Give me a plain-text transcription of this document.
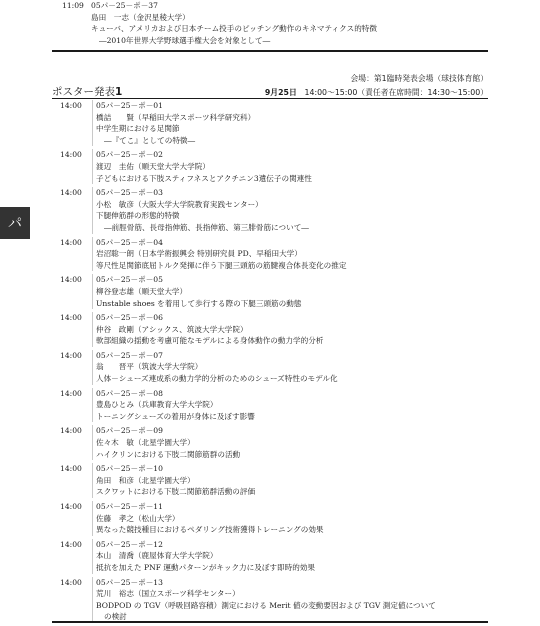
11:09 05パ－25－ポ－37
島田　一志（金沢星稜大学）
キューバ、アメリカおよび日本チーム投手のピッチング動作のキネマティクス的特徴
―2010年世界大学野球選手権大会を対象として―
会場：第1臨時発表会場（球技体育館）
ポスター発表1	9月25日　 14:00～15:00（責任者在席時間：14:30～15:00）
パ
14:00	05パ－25－ポ－01
橋詰　　賢（早稲田大学スポーツ科学研究科）
中学生期における足関節
―『てこ』としての特徴―
14:00	05パ－25－ポ－02
渡辺　圭佑（順天堂大学大学院）
子どもにおける下肢スティフネスとアクチニン3遺伝子の関連性
14:00	05パ－25－ポ－03
小松　敏彦（大阪大学大学院教育実践センター）
下腿伸筋群の形態的特徴
―前脛骨筋、長母指伸筋、長指伸筋、第三腓骨筋について―
14:00	05パ－25－ポ－04
岩沼聡一朗（日本学術振興会 特別研究員 PD、早稲田大学）
等尺性足関節底屈トルク発揮に伴う下腿三頭筋の筋腱複合体長変化の推定
14:00	05パ－25－ポ－05
柳谷登志雄（順天堂大学）
Unstable shoes を着用して歩行する際の下腿三頭筋の動態
14:00	05パ－25－ポ－06
仲谷　政剛（アシックス、筑波大学大学院）
軟部組織の揺動を考慮可能なモデルによる身体動作の動力学的分析
14:00	05パ－25－ポ－07
翁　　晋平（筑波大学大学院）
人体－シューズ連成系の動力学的分析のためのシューズ特性のモデル化
14:00	05パ－25－ポ－08
豊島ひとみ（兵庫教育大学大学院）
トーニングシューズの着用が身体に及ぼす影響
14:00	05パ－25－ポ－09
佐々木　敏（北星学園大学）
ハイクリンにおける下肢二関節筋群の活動
14:00	05パ－25－ポ－10
角田　和彦（北星学園大学）
スクワットにおける下肢二関節筋群活動の評価
14:00	05パ－25－ポ－11
佐藤　孝之（松山大学）
異なった競技種目におけるペダリング技術獲得トレーニングの効果
14:00	05パ－25－ポ－12
本山　清喬（鹿屋体育大学大学院）
抵抗を加えた PNF 運動パターンがキック力に及ぼす即時的効果
14:00	05パ－25－ポ－13
荒川　裕志（国立スポーツ科学センター）
BODPOD の TGV（呼吸回路容積）測定における Merit 値の変動要因および TGV 測定値について
の検討
